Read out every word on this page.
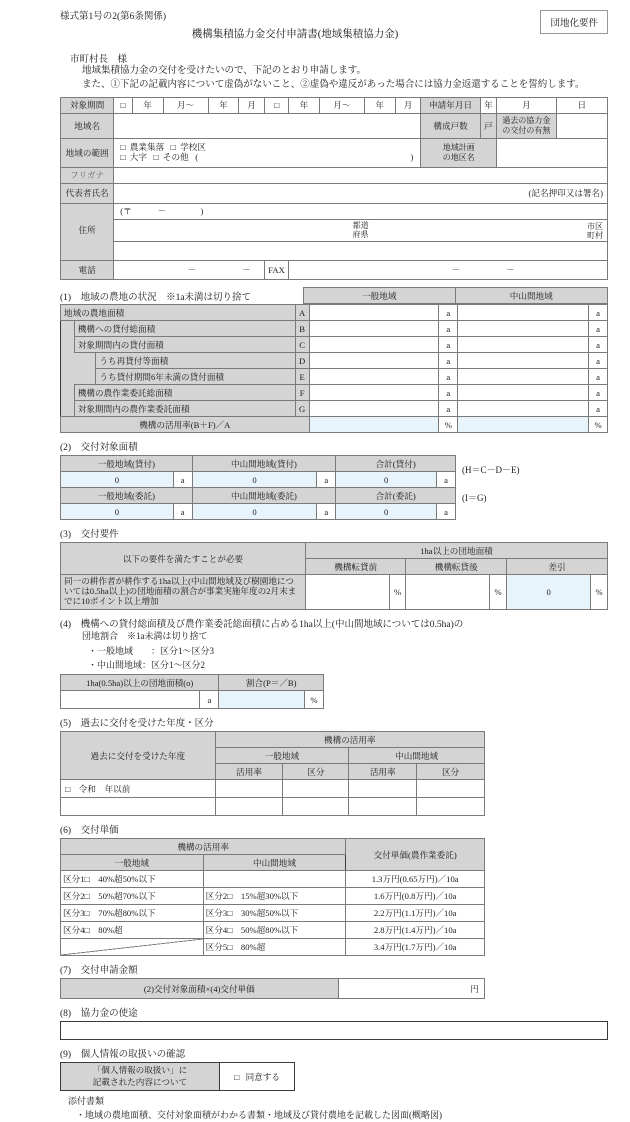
様式第1号の2(第6条関係)
機構集積協力金交付申請書(地域集積協力金)
団地化要件
市町村長　様
地域集積協力金の交付を受けたいので、下記のとおり申請します。
また、①下記の記載内容について虚偽がないこと、②虚偽や違反があった場合には協力金返還することを誓約します。
対象期間	□	年	月～	年	月	□	年	月～	年	月	申請年月日	年	月	日
地域名											構成戸数	戸	過去の協力金
の交付の有無	
地域の範囲	□ 農業集落 □ 学校区
□ 大字 □ その他 ( )										地域計画
の地区名			
フリガナ														
代表者氏名	(記名押印又は署名)													
	(〒　　　－　　　　)													
住所	都道
府県
市区
町村													

電話	－ －					FAX	－ －							
(1)　地域の農地の状況　※1a未満は切り捨て	一般地域	中山間地域
地域の農地面積			A		a		a
	機構への貸付総面積		B		a		a
	対象期間内の貸付面積		C		a		a
		うち再貸付等面積	D		a		a
		うち貸付期間6年未満の貸付面積	E		a		a
	機構の農作業委託総面積		F		a		a
	対象期間内の農作業委託面積		G		a		a
機構の活用率(B＋F)／A					%		%
(2)　交付対象面積
一般地域(貸付)		中山間地域(貸付)		合計(貸付)	
0	a	0	a	0	a
一般地域(委託)		中山間地域(委託)		合計(委託)	
0	a	0	a	0	a
(H＝C－D－E)
(I＝G)
(3)　交付要件
以下の要件を満たすことが必要	1ha以上の団地面積					
	機構転貸前		機構転貸後		差引	
同一の耕作者が耕作する1ha以上(中山間地域及び樹園地については0.5ha以上)の団地面積の割合が事業実施年度の2月末までに10ポイント以上増加		%		%	0	%
(4)　機構への貸付総面積及び農作業委託総面積に占める1ha以上(中山間地域については0.5ha)の
団地割合　※1a未満は切り捨て
・一般地域　　：区分1～区分3
・中山間地域：区分1～区分2
1ha(0.5ha)以上の団地面積(o)		割合(P＝／B)	
	a		%
(5)　過去に交付を受けた年度・区分
過去に交付を受けた年度	機構の活用率			
	一般地域		中山間地域	
	活用率	区分	活用率	区分
□　令和　年以前				

(6)　交付単価
機構の活用率		交付単価(農作業委託)
一般地域	中山間地域	
区分1□　40%超50%以下		1.3万円(0.65万円)／10a
区分2□　50%超70%以下	区分2□　15%超30%以下	1.6万円(0.8万円)／10a
区分3□　70%超80%以下	区分3□　30%超50%以下	2.2万円(1.1万円)／10a
区分4□　80%超	区分4□　50%超80%以下	2.8万円(1.4万円)／10a
	区分5□　80%超	3.4万円(1.7万円)／10a
(7)　交付申請金額
(2)交付対象面積×(4)交付単価	円
(8)　協力金の使途
(9)　個人情報の取扱いの確認
「個人情報の取扱い」に
記載された内容について	□
同意する
添付書類
・地域の農地面積、交付対象面積がわかる書類・地域及び貸付農地を記載した図面(概略図)
